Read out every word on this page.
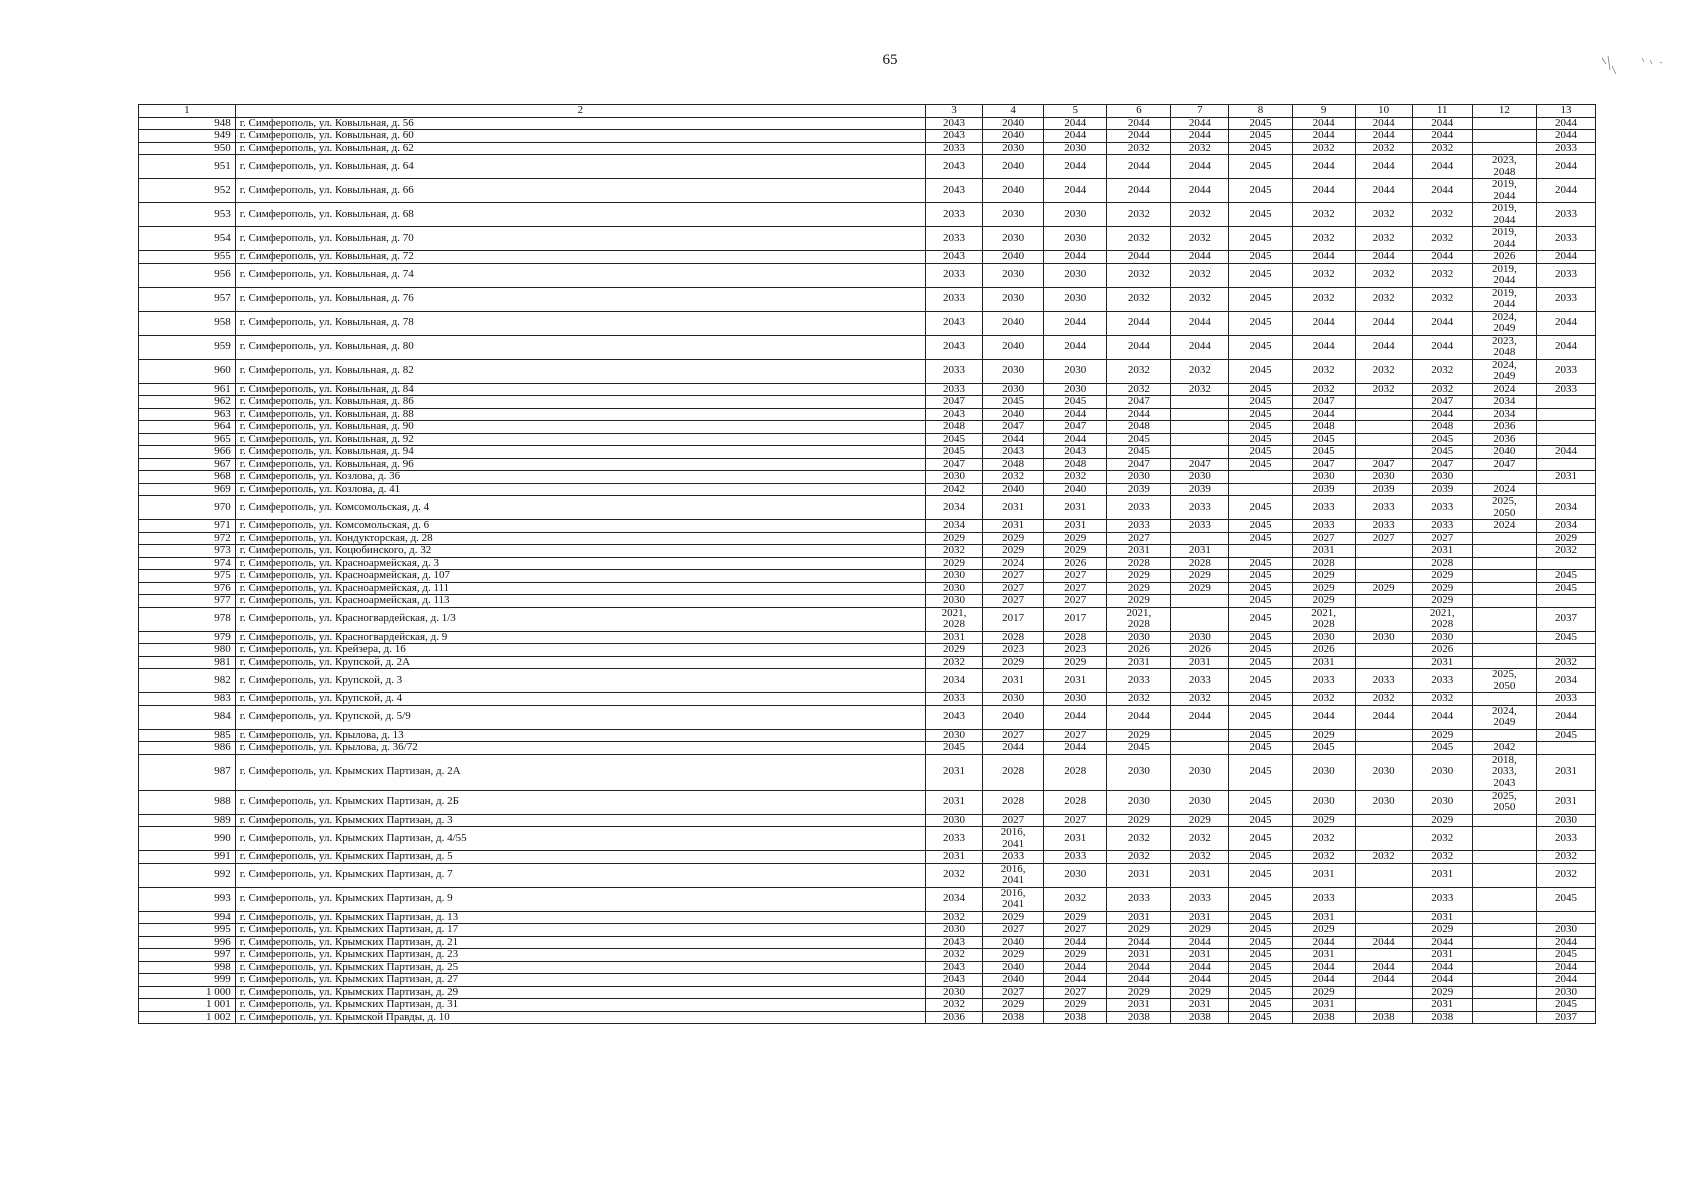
65
1	2	3	4	5	6	7	8	9	10	11	12	13
948	г. Симферополь, ул. Ковыльная, д. 56	2043	2040	2044	2044	2044	2045	2044	2044	2044		2044
949	г. Симферополь, ул. Ковыльная, д. 60	2043	2040	2044	2044	2044	2045	2044	2044	2044		2044
950	г. Симферополь, ул. Ковыльная, д. 62	2033	2030	2030	2032	2032	2045	2032	2032	2032		2033
951	г. Симферополь, ул. Ковыльная, д. 64	2043	2040	2044	2044	2044	2045	2044	2044	2044	2023,
2048	2044
952	г. Симферополь, ул. Ковыльная, д. 66	2043	2040	2044	2044	2044	2045	2044	2044	2044	2019,
2044	2044
953	г. Симферополь, ул. Ковыльная, д. 68	2033	2030	2030	2032	2032	2045	2032	2032	2032	2019,
2044	2033
954	г. Симферополь, ул. Ковыльная, д. 70	2033	2030	2030	2032	2032	2045	2032	2032	2032	2019,
2044	2033
955	г. Симферополь, ул. Ковыльная, д. 72	2043	2040	2044	2044	2044	2045	2044	2044	2044	2026	2044
956	г. Симферополь, ул. Ковыльная, д. 74	2033	2030	2030	2032	2032	2045	2032	2032	2032	2019,
2044	2033
957	г. Симферополь, ул. Ковыльная, д. 76	2033	2030	2030	2032	2032	2045	2032	2032	2032	2019,
2044	2033
958	г. Симферополь, ул. Ковыльная, д. 78	2043	2040	2044	2044	2044	2045	2044	2044	2044	2024,
2049	2044
959	г. Симферополь, ул. Ковыльная, д. 80	2043	2040	2044	2044	2044	2045	2044	2044	2044	2023,
2048	2044
960	г. Симферополь, ул. Ковыльная, д. 82	2033	2030	2030	2032	2032	2045	2032	2032	2032	2024,
2049	2033
961	г. Симферополь, ул. Ковыльная, д. 84	2033	2030	2030	2032	2032	2045	2032	2032	2032	2024	2033
962	г. Симферополь, ул. Ковыльная, д. 86	2047	2045	2045	2047		2045	2047		2047	2034	
963	г. Симферополь, ул. Ковыльная, д. 88	2043	2040	2044	2044		2045	2044		2044	2034	
964	г. Симферополь, ул. Ковыльная, д. 90	2048	2047	2047	2048		2045	2048		2048	2036	
965	г. Симферополь, ул. Ковыльная, д. 92	2045	2044	2044	2045		2045	2045		2045	2036	
966	г. Симферополь, ул. Ковыльная, д. 94	2045	2043	2043	2045		2045	2045		2045	2040	2044
967	г. Симферополь, ул. Ковыльная, д. 96	2047	2048	2048	2047	2047	2045	2047	2047	2047	2047	
968	г. Симферополь, ул. Козлова, д. 36	2030	2032	2032	2030	2030		2030	2030	2030		2031
969	г. Симферополь, ул. Козлова, д. 41	2042	2040	2040	2039	2039		2039	2039	2039	2024	
970	г. Симферополь, ул. Комсомольская, д. 4	2034	2031	2031	2033	2033	2045	2033	2033	2033	2025,
2050	2034
971	г. Симферополь, ул. Комсомольская, д. 6	2034	2031	2031	2033	2033	2045	2033	2033	2033	2024	2034
972	г. Симферополь, ул. Кондукторская, д. 28	2029	2029	2029	2027		2045	2027	2027	2027		2029
973	г. Симферополь, ул. Коцюбинского, д. 32	2032	2029	2029	2031	2031		2031		2031		2032
974	г. Симферополь, ул. Красноармейская, д. 3	2029	2024	2026	2028	2028	2045	2028		2028		
975	г. Симферополь, ул. Красноармейская, д. 107	2030	2027	2027	2029	2029	2045	2029		2029		2045
976	г. Симферополь, ул. Красноармейская, д. 111	2030	2027	2027	2029	2029	2045	2029	2029	2029		2045
977	г. Симферополь, ул. Красноармейская, д. 113	2030	2027	2027	2029		2045	2029		2029		
978	г. Симферополь, ул. Красногвардейская, д. 1/3	2021,
2028	2017	2017	2021,
2028		2045	2021,
2028		2021,
2028		2037
979	г. Симферополь, ул. Красногвардейская, д. 9	2031	2028	2028	2030	2030	2045	2030	2030	2030		2045
980	г. Симферополь, ул. Крейзера, д. 16	2029	2023	2023	2026	2026	2045	2026		2026		
981	г. Симферополь, ул. Крупской, д. 2А	2032	2029	2029	2031	2031	2045	2031		2031		2032
982	г. Симферополь, ул. Крупской, д. 3	2034	2031	2031	2033	2033	2045	2033	2033	2033	2025,
2050	2034
983	г. Симферополь, ул. Крупской, д. 4	2033	2030	2030	2032	2032	2045	2032	2032	2032		2033
984	г. Симферополь, ул. Крупской, д. 5/9	2043	2040	2044	2044	2044	2045	2044	2044	2044	2024,
2049	2044
985	г. Симферополь, ул. Крылова, д. 13	2030	2027	2027	2029		2045	2029		2029		2045
986	г. Симферополь, ул. Крылова, д. 36/72	2045	2044	2044	2045		2045	2045		2045	2042	
987	г. Симферополь, ул. Крымских Партизан, д. 2А	2031	2028	2028	2030	2030	2045	2030	2030	2030	2018,
2033,
2043	2031
988	г. Симферополь, ул. Крымских Партизан, д. 2Б	2031	2028	2028	2030	2030	2045	2030	2030	2030	2025,
2050	2031
989	г. Симферополь, ул. Крымских Партизан, д. 3	2030	2027	2027	2029	2029	2045	2029		2029		2030
990	г. Симферополь, ул. Крымских Партизан, д. 4/55	2033	2016,
2041	2031	2032	2032	2045	2032		2032		2033
991	г. Симферополь, ул. Крымских Партизан, д. 5	2031	2033	2033	2032	2032	2045	2032	2032	2032		2032
992	г. Симферополь, ул. Крымских Партизан, д. 7	2032	2016,
2041	2030	2031	2031	2045	2031		2031		2032
993	г. Симферополь, ул. Крымских Партизан, д. 9	2034	2016,
2041	2032	2033	2033	2045	2033		2033		2045
994	г. Симферополь, ул. Крымских Партизан, д. 13	2032	2029	2029	2031	2031	2045	2031		2031		
995	г. Симферополь, ул. Крымских Партизан, д. 17	2030	2027	2027	2029	2029	2045	2029		2029		2030
996	г. Симферополь, ул. Крымских Партизан, д. 21	2043	2040	2044	2044	2044	2045	2044	2044	2044		2044
997	г. Симферополь, ул. Крымских Партизан, д. 23	2032	2029	2029	2031	2031	2045	2031		2031		2045
998	г. Симферополь, ул. Крымских Партизан, д. 25	2043	2040	2044	2044	2044	2045	2044	2044	2044		2044
999	г. Симферополь, ул. Крымских Партизан, д. 27	2043	2040	2044	2044	2044	2045	2044	2044	2044		2044
1 000	г. Симферополь, ул. Крымских Партизан, д. 29	2030	2027	2027	2029	2029	2045	2029		2029		2030
1 001	г. Симферополь, ул. Крымских Партизан, д. 31	2032	2029	2029	2031	2031	2045	2031		2031		2045
1 002	г. Симферополь, ул. Крымской Правды, д. 10	2036	2038	2038	2038	2038	2045	2038	2038	2038		2037
